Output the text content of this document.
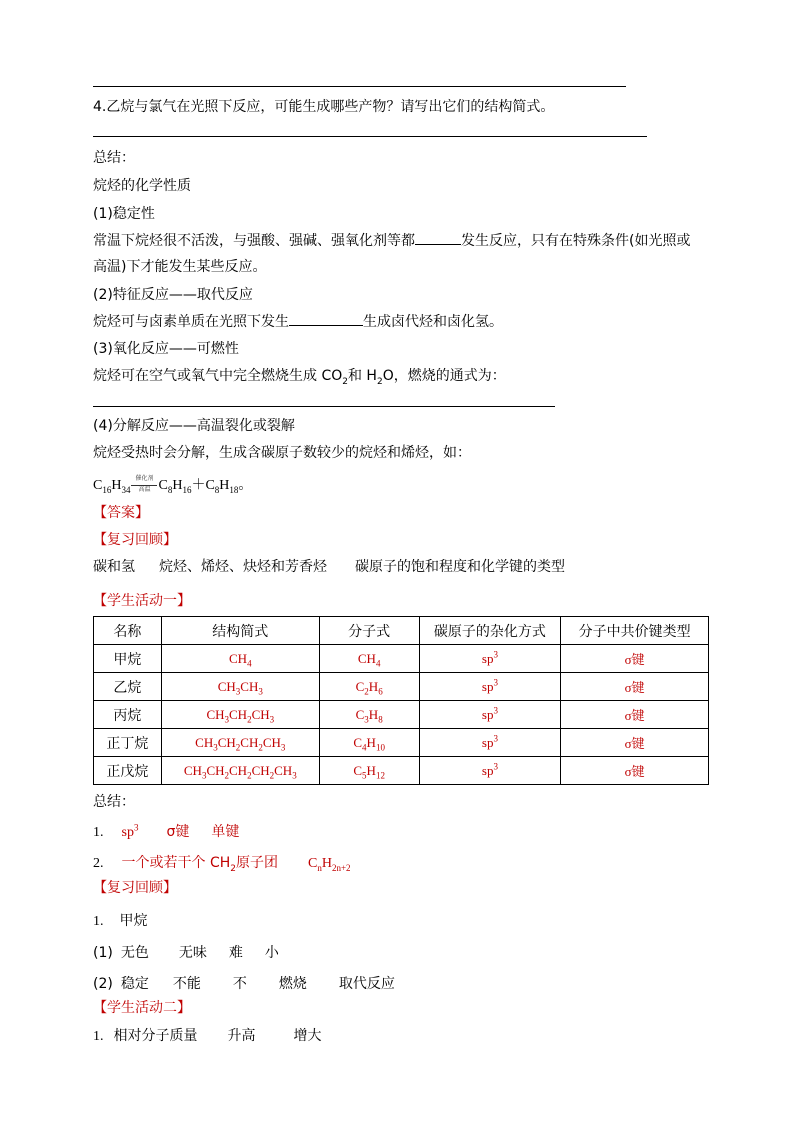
4.乙烷与氯气在光照下反应，可能生成哪些产物？请写出它们的结构简式。
总结：
烷烃的化学性质
(1)稳定性
常温下烷烃很不活泼，与强酸、强碱、强氧化剂等都	发生反应，只有在特殊条件(如光照或
高温)下才能发生某些反应。
(2)特征反应——取代反应
烷烃可与卤素单质在光照下发生	生成卤代烃和卤化氢。
(3)氧化反应——可燃性
烷烃可在空气或氧气中完全燃烧生成 $CO_2$和 $H_2O$，燃烧的通式为：
(4)分解反应——高温裂化或裂解
烷烃受热时会分解，生成含碳原子数较少的烷烃和烯烃，如：
$C_{16}H_{34}$
催化剂
高温 $C_8H_{16}+C_8H_{18}$。
【答案】
【复习回顾】
碳和氢 烷烃、烯烃、炔烃和芳香烃 碳原子的饱和程度和化学键的类型
【学生活动一】
名称	结构简式	分子式	碳原子的杂化方式	分子中共价键类型
甲烷	$CH_4$	$CH_4$	$sp^3$	σ键
乙烷	$CH_3CH_3$	$C_2H_6$	$sp^3$	σ键
丙烷	$CH_3CH_2CH_3$	$C_3H_8$	$sp^3$	σ键
正丁烷	$CH_3CH_2CH_2CH_3$	$C_4H_{10}$	$sp^3$	σ键
正戊烷	$CH_3CH_2CH_2CH_2CH_3$	$C_5H_{12}$	$sp^3$	σ键
总结：
1. $sp^3$ σ键 单键
2. 一个或若干个 $CH_2$原子团 $C_nH_{2n+2}$
【复习回顾】
1. 甲烷
(1) 无色 无味 难 小
(2) 稳定 不能 不 燃烧 取代反应
【学生活动二】
1. 相对分子质量 升高	增大
